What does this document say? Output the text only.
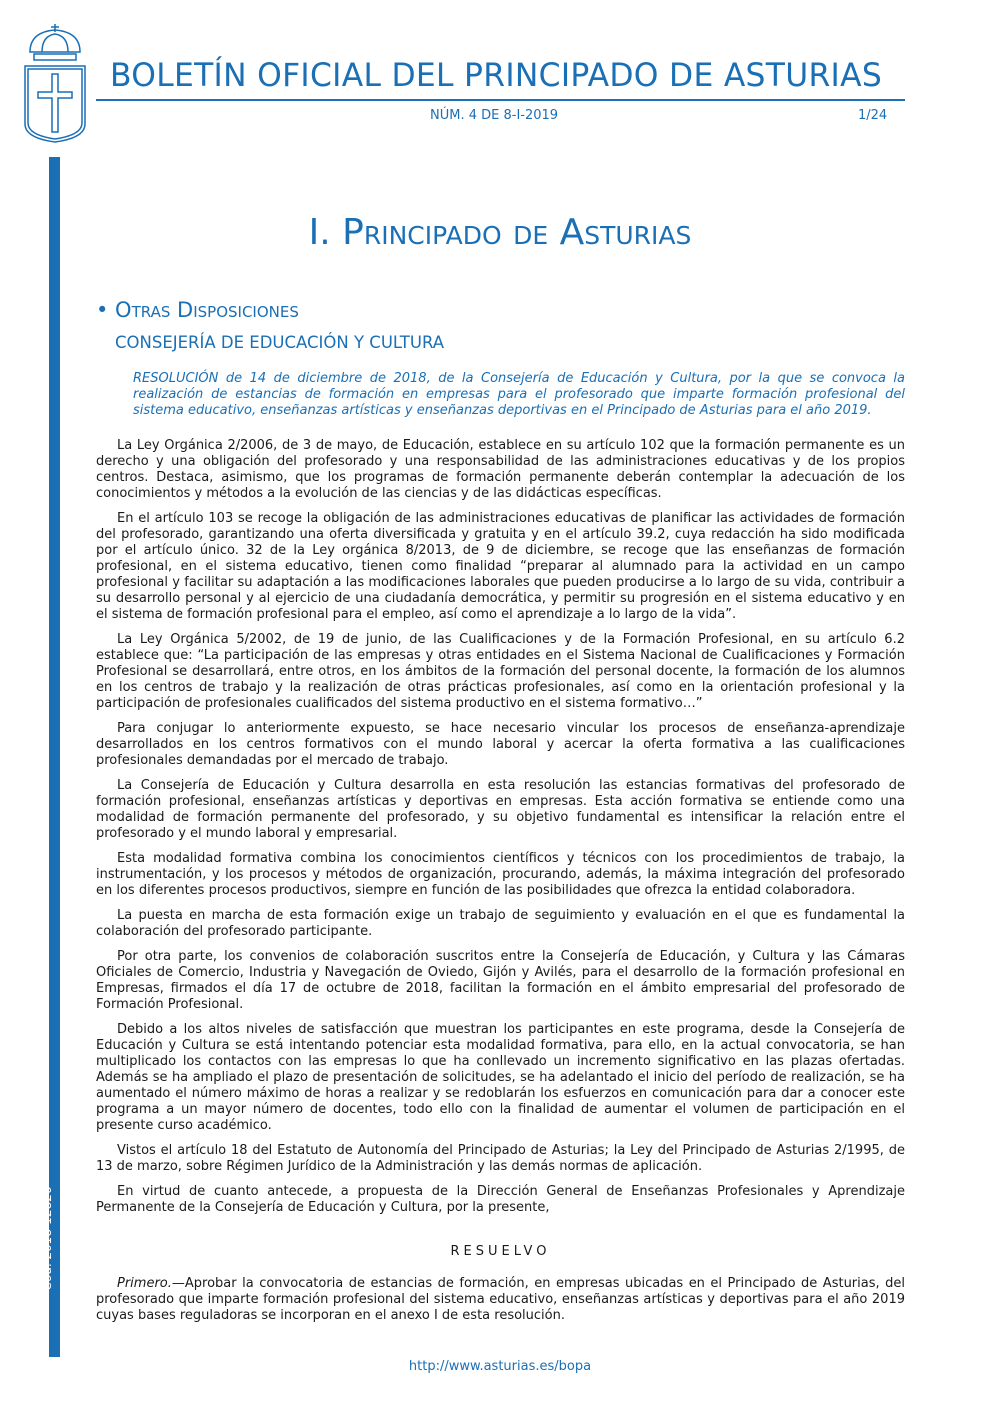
BOLETÍN OFICIAL DEL PRINCIPADO DE ASTURIAS
NÚM. 4 DE 8-I-2019	1/24
Cód. 2018-12826
I. Principado de Asturias
• Otras Disposiciones
CONSEJERÍA DE EDUCACIÓN Y CULTURA
RESOLUCIÓN de 14 de diciembre de 2018, de la Consejería de Educación y Cultura, por la que se convoca la realización de estancias de formación en empresas para el profesorado que imparte formación profesional del sistema educativo, enseñanzas artísticas y enseñanzas deportivas en el Principado de Asturias para el año 2019.

La Ley Orgánica 2/2006, de 3 de mayo, de Educación, establece en su artículo 102 que la formación permanente es un derecho y una obligación del profesorado y una responsabilidad de las administraciones educativas y de los propios centros. Destaca, asimismo, que los programas de formación permanente deberán contemplar la adecuación de los conocimientos y métodos a la evolución de las ciencias y de las didácticas específicas.

En el artículo 103 se recoge la obligación de las administraciones educativas de planificar las actividades de formación del profesorado, garantizando una oferta diversificada y gratuita y en el artículo 39.2, cuya redacción ha sido modificada por el artículo único. 32 de la Ley orgánica 8/2013, de 9 de diciembre, se recoge que las enseñanzas de formación profesional, en el sistema educativo, tienen como finalidad “preparar al alumnado para la actividad en un campo profesional y facilitar su adaptación a las modificaciones laborales que pueden producirse a lo largo de su vida, contribuir a su desarrollo personal y al ejercicio de una ciudadanía democrática, y permitir su progresión en el sistema educativo y en el sistema de formación profesional para el empleo, así como el aprendizaje a lo largo de la vida”.

La Ley Orgánica 5/2002, de 19 de junio, de las Cualificaciones y de la Formación Profesional, en su artículo 6.2 establece que: “La participación de las empresas y otras entidades en el Sistema Nacional de Cualificaciones y Formación Profesional se desarrollará, entre otros, en los ámbitos de la formación del personal docente, la formación de los alumnos en los centros de trabajo y la realización de otras prácticas profesionales, así como en la orientación profesional y la participación de profesionales cualificados del sistema productivo en el sistema formativo…”

Para conjugar lo anteriormente expuesto, se hace necesario vincular los procesos de enseñanza-aprendizaje desarrollados en los centros formativos con el mundo laboral y acercar la oferta formativa a las cualificaciones profesionales demandadas por el mercado de trabajo.

La Consejería de Educación y Cultura desarrolla en esta resolución las estancias formativas del profesorado de formación profesional, enseñanzas artísticas y deportivas en empresas. Esta acción formativa se entiende como una modalidad de formación permanente del profesorado, y su objetivo fundamental es intensificar la relación entre el profesorado y el mundo laboral y empresarial.

Esta modalidad formativa combina los conocimientos científicos y técnicos con los procedimientos de trabajo, la instrumentación, y los procesos y métodos de organización, procurando, además, la máxima integración del profesorado en los diferentes procesos productivos, siempre en función de las posibilidades que ofrezca la entidad colaboradora.

La puesta en marcha de esta formación exige un trabajo de seguimiento y evaluación en el que es fundamental la colaboración del profesorado participante.

Por otra parte, los convenios de colaboración suscritos entre la Consejería de Educación, y Cultura y las Cámaras Oficiales de Comercio, Industria y Navegación de Oviedo, Gijón y Avilés, para el desarrollo de la formación profesional en Empresas, firmados el día 17 de octubre de 2018, facilitan la formación en el ámbito empresarial del profesorado de Formación Profesional.

Debido a los altos niveles de satisfacción que muestran los participantes en este programa, desde la Consejería de Educación y Cultura se está intentando potenciar esta modalidad formativa, para ello, en la actual convocatoria, se han multiplicado los contactos con las empresas lo que ha conllevado un incremento significativo en las plazas ofertadas. Además se ha ampliado el plazo de presentación de solicitudes, se ha adelantado el inicio del período de realización, se ha aumentado el número máximo de horas a realizar y se redoblarán los esfuerzos en comunicación para dar a conocer este programa a un mayor número de docentes, todo ello con la finalidad de aumentar el volumen de participación en el presente curso académico.

Vistos el artículo 18 del Estatuto de Autonomía del Principado de Asturias; la Ley del Principado de Asturias 2/1995, de 13 de marzo, sobre Régimen Jurídico de la Administración y las demás normas de aplicación.

En virtud de cuanto antecede, a propuesta de la Dirección General de Enseñanzas Profesionales y Aprendizaje Permanente de la Consejería de Educación y Cultura, por la presente,

RESUELVO

Primero.—Aprobar la convocatoria de estancias de formación, en empresas ubicadas en el Principado de Asturias, del profesorado que imparte formación profesional del sistema educativo, enseñanzas artísticas y deportivas para el año 2019 cuyas bases reguladoras se incorporan en el anexo I de esta resolución.

http://www.asturias.es/bopa
